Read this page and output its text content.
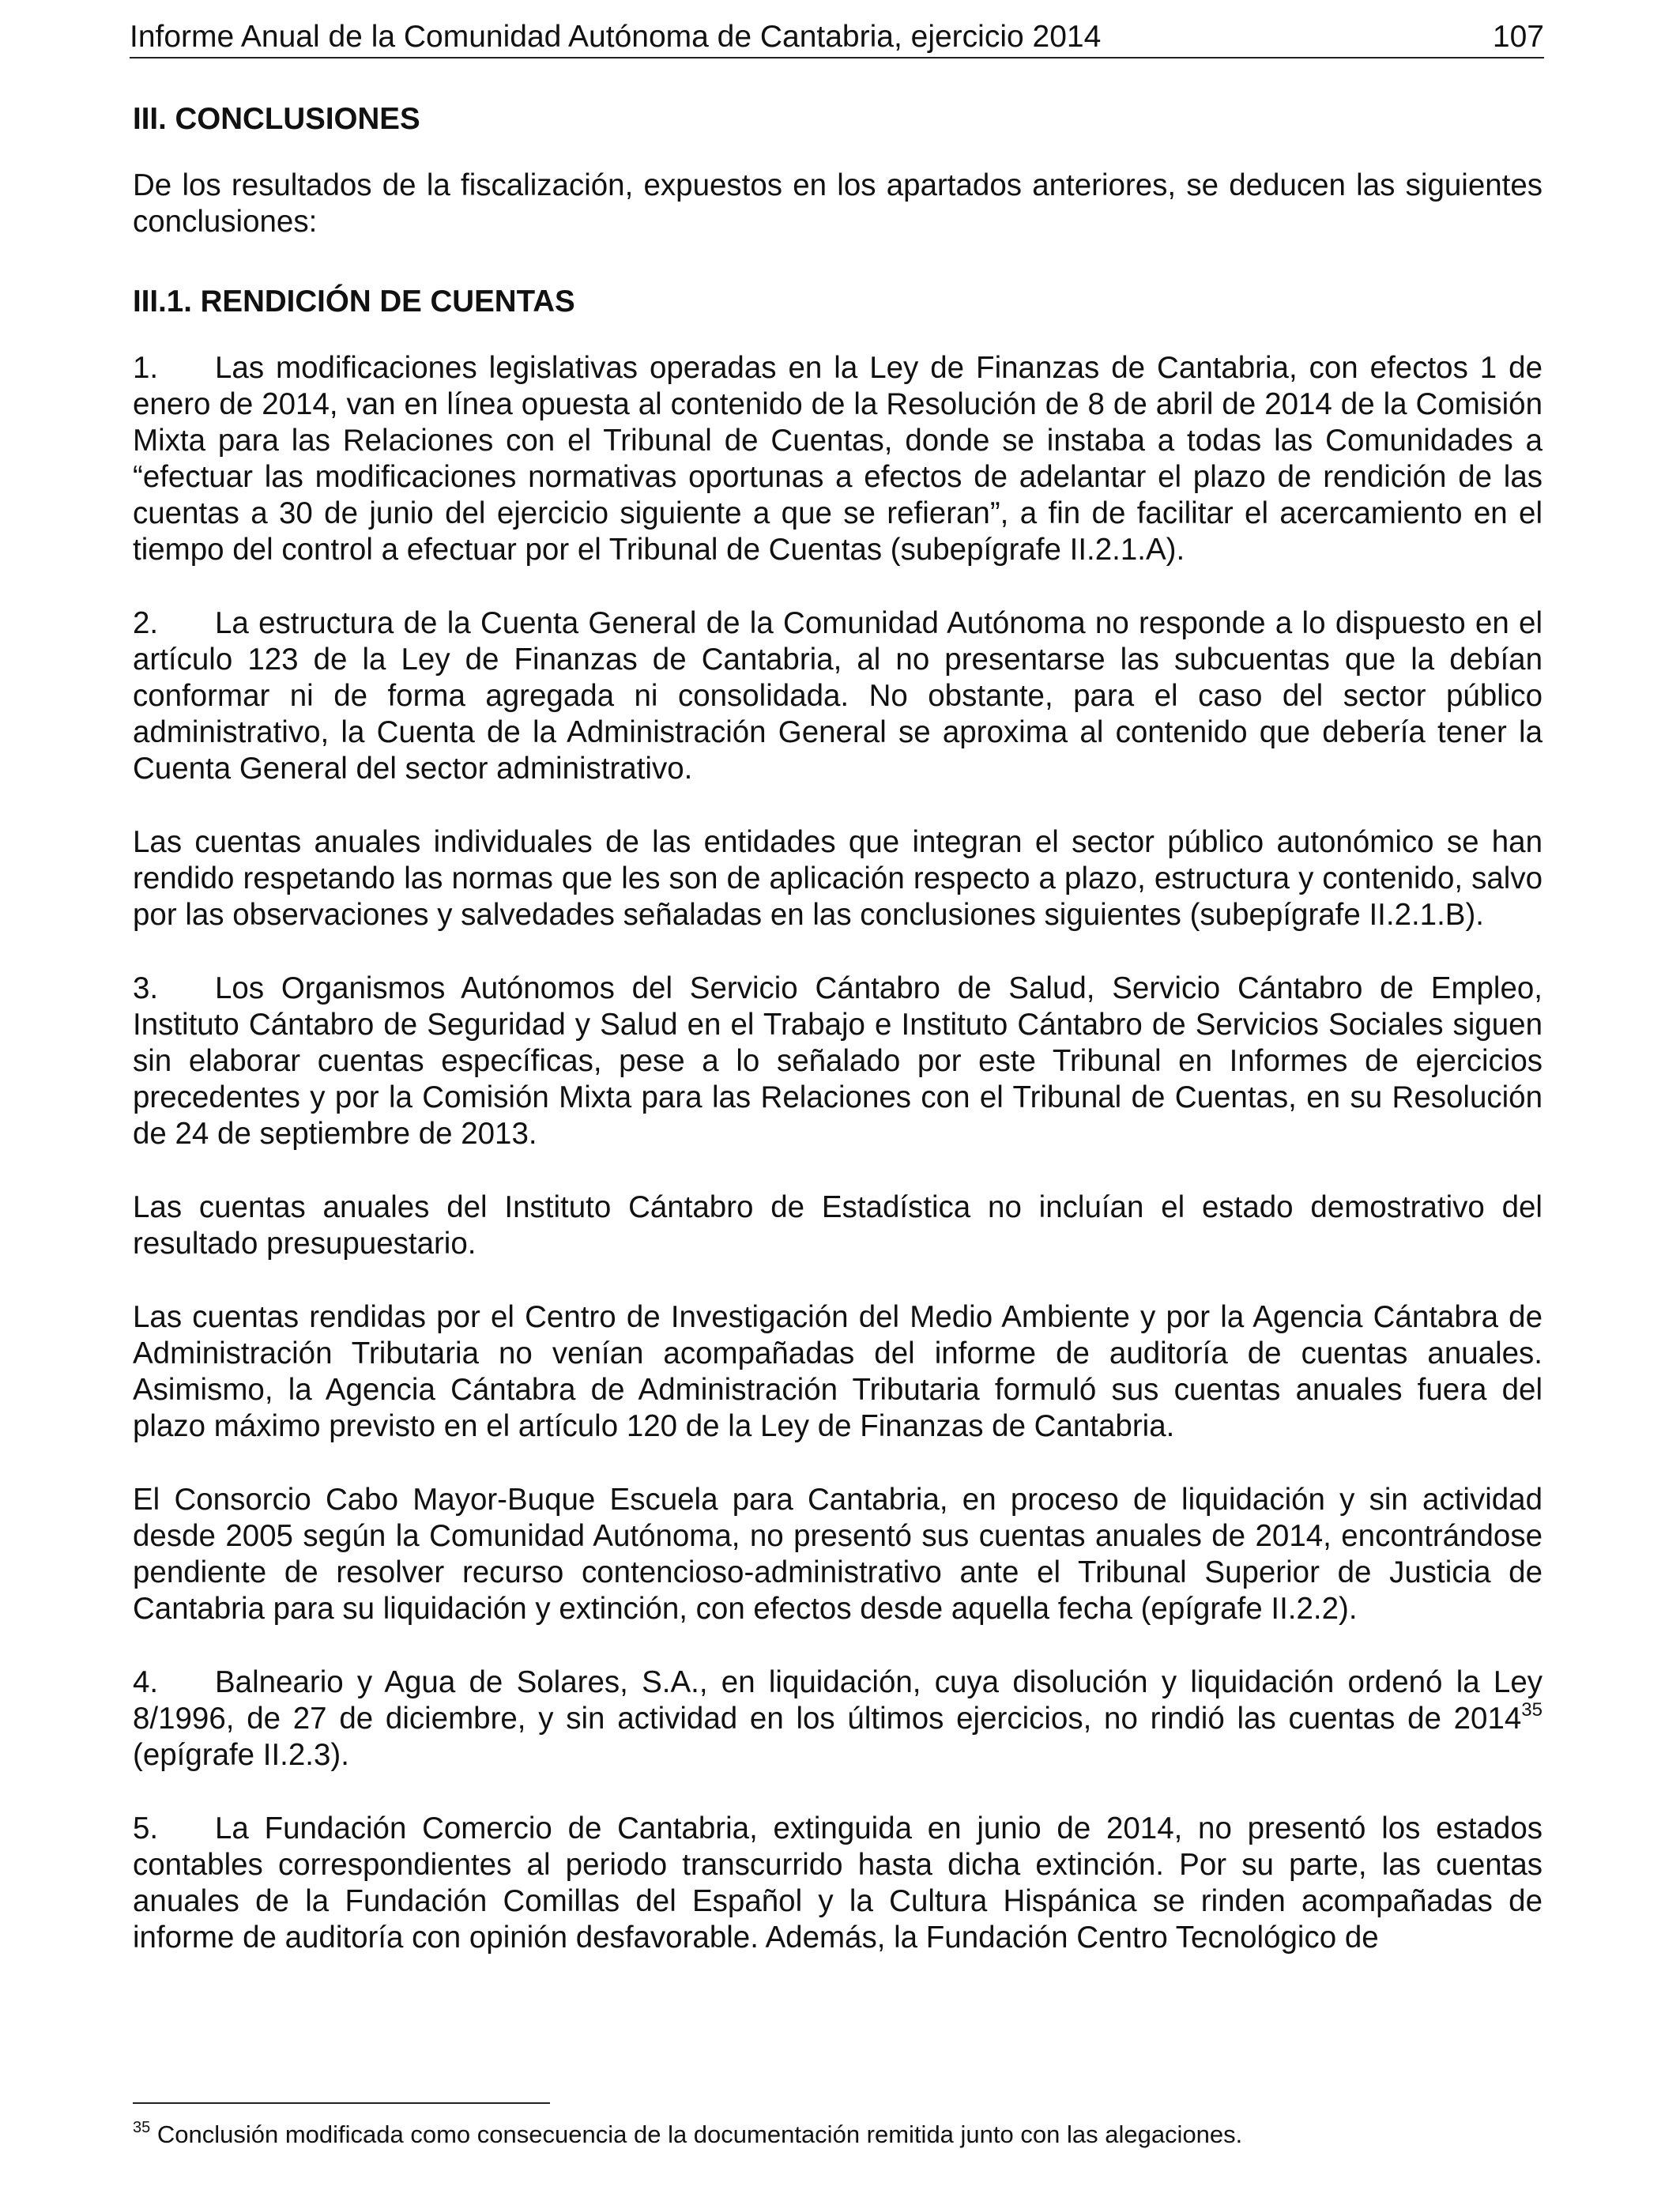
Informe Anual de la Comunidad Autónoma de Cantabria, ejercicio 2014	107
III. CONCLUSIONES

De los resultados de la fiscalización, expuestos en los apartados anteriores, se deducen las siguientes conclusiones:

III.1. RENDICIÓN DE CUENTAS

1. Las modificaciones legislativas operadas en la Ley de Finanzas de Cantabria, con efectos 1 de enero de 2014, van en línea opuesta al contenido de la Resolución de 8 de abril de 2014 de la Comisión Mixta para las Relaciones con el Tribunal de Cuentas, donde se instaba a todas las Comunidades a “efectuar las modificaciones normativas oportunas a efectos de adelantar el plazo de rendición de las cuentas a 30 de junio del ejercicio siguiente a que se refieran”, a fin de facilitar el acercamiento en el tiempo del control a efectuar por el Tribunal de Cuentas (subepígrafe II.2.1.A).

2. La estructura de la Cuenta General de la Comunidad Autónoma no responde a lo dispuesto en el artículo 123 de la Ley de Finanzas de Cantabria, al no presentarse las subcuentas que la debían conformar ni de forma agregada ni consolidada. No obstante, para el caso del sector público administrativo, la Cuenta de la Administración General se aproxima al contenido que debería tener la Cuenta General del sector administrativo.

Las cuentas anuales individuales de las entidades que integran el sector público autonómico se han rendido respetando las normas que les son de aplicación respecto a plazo, estructura y contenido, salvo por las observaciones y salvedades señaladas en las conclusiones siguientes (subepígrafe II.2.1.B).

3. Los Organismos Autónomos del Servicio Cántabro de Salud, Servicio Cántabro de Empleo, Instituto Cántabro de Seguridad y Salud en el Trabajo e Instituto Cántabro de Servicios Sociales siguen sin elaborar cuentas específicas, pese a lo señalado por este Tribunal en Informes de ejercicios precedentes y por la Comisión Mixta para las Relaciones con el Tribunal de Cuentas, en su Resolución de 24 de septiembre de 2013.

Las cuentas anuales del Instituto Cántabro de Estadística no incluían el estado demostrativo del resultado presupuestario.

Las cuentas rendidas por el Centro de Investigación del Medio Ambiente y por la Agencia Cántabra de Administración Tributaria no venían acompañadas del informe de auditoría de cuentas anuales. Asimismo, la Agencia Cántabra de Administración Tributaria formuló sus cuentas anuales fuera del plazo máximo previsto en el artículo 120 de la Ley de Finanzas de Cantabria.

El Consorcio Cabo Mayor-Buque Escuela para Cantabria, en proceso de liquidación y sin actividad desde 2005 según la Comunidad Autónoma, no presentó sus cuentas anuales de 2014, encontrándose pendiente de resolver recurso contencioso-administrativo ante el Tribunal Superior de Justicia de Cantabria para su liquidación y extinción, con efectos desde aquella fecha (epígrafe II.2.2).

4. Balneario y Agua de Solares, S.A., en liquidación, cuya disolución y liquidación ordenó la Ley 8/1996, de 27 de diciembre, y sin actividad en los últimos ejercicios, no rindió las cuentas de 2014$^{35}$ (epígrafe II.2.3).

5. La Fundación Comercio de Cantabria, extinguida en junio de 2014, no presentó los estados contables correspondientes al periodo transcurrido hasta dicha extinción. Por su parte, las cuentas anuales de la Fundación Comillas del Español y la Cultura Hispánica se rinden acompañadas de informe de auditoría con opinión desfavorable. Además, la Fundación Centro Tecnológico de

$^{35}$ Conclusión modificada como consecuencia de la documentación remitida junto con las alegaciones.
